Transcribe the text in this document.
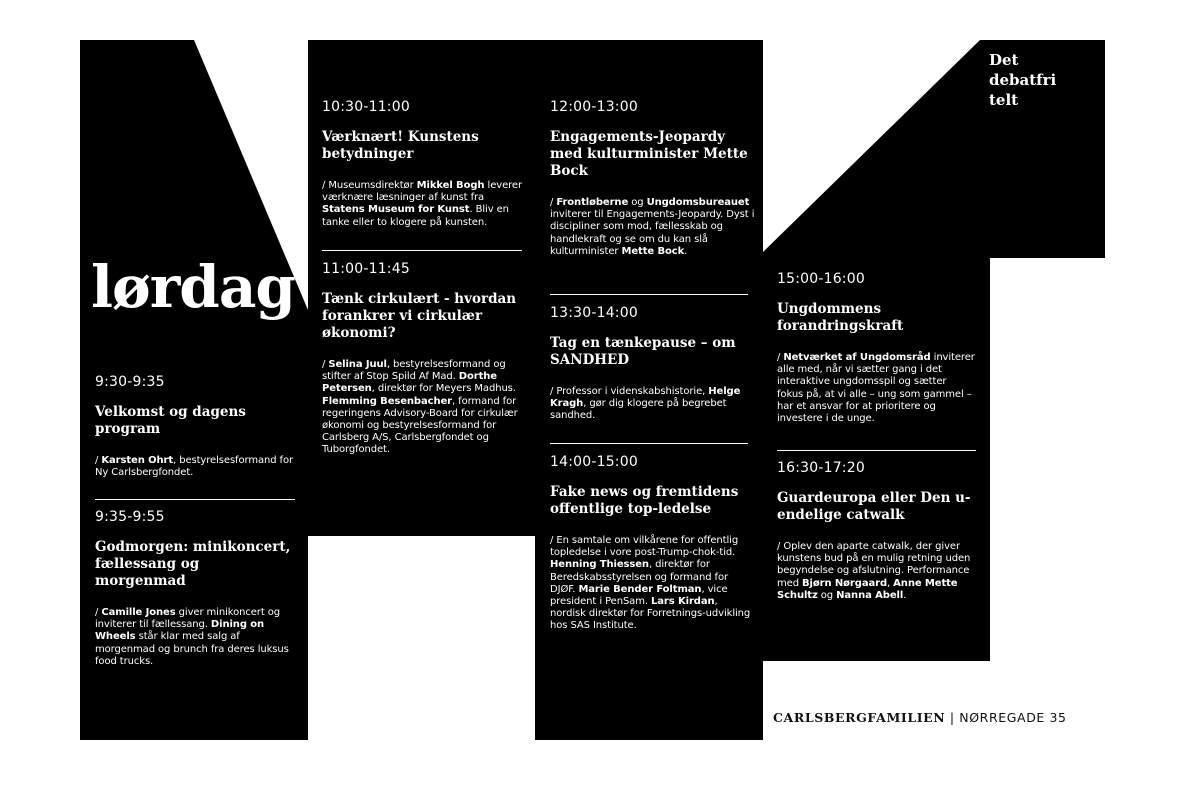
lørdag
Det debatfri telt

9:30-9:35

Velkomst og dagens program

/ Karsten Ohrt, bestyrelsesformand for Ny Carlsbergfondet.

9:35-9:55

Godmorgen: minikoncert, fællessang og morgenmad

/ Camille Jones giver minikoncert og inviterer til fællessang. Dining on Wheels står klar med salg af morgenmad og brunch fra deres luksus food trucks.

10:30-11:00

Værknært! Kunstens betydninger

/ Museumsdirektør Mikkel Bogh leverer værknære læsninger af kunst fra Statens Museum for Kunst. Bliv en tanke eller to klogere på kunsten.

11:00-11:45

Tænk cirkulært - hvordan forankrer vi cirkulær økonomi?

/ Selina Juul, bestyrelsesformand og stifter af Stop Spild Af Mad. Dorthe Petersen, direktør for Meyers Madhus. Flemming Besenbacher, formand for regeringens Advisory-Board for cirkulær økonomi og bestyrelsesformand for Carlsberg A/S, Carlsbergfondet og Tuborgfondet.

12:00-13:00

Engagements-Jeopardy med kulturminister Mette Bock

/ Frontløberne og Ungdomsbureauet inviterer til Engagements-Jeopardy. Dyst i discipliner som mod, fællesskab og handlekraft og se om du kan slå kulturminister Mette Bock.

13:30-14:00

Tag en tænkepause – om SANDHED

/ Professor i videnskabshistorie, Helge Kragh, gør dig klogere på begrebet sandhed.

14:00-15:00

Fake news og fremtidens offentlige top-ledelse

/ En samtale om vilkårene for offentlig topledelse i vore post-Trump-chok-tid. Henning Thiessen, direktør for Beredskabsstyrelsen og formand for DJØF. Marie Bender Foltman, vice president i PenSam. Lars Kirdan, nordisk direktør for Forretnings-udvikling hos SAS Institute.

15:00-16:00

Ungdommens forandringskraft

/ Netværket af Ungdomsråd inviterer alle med, når vi sætter gang i det interaktive ungdomsspil og sætter fokus på, at vi alle – ung som gammel – har et ansvar for at prioritere og investere i de unge.

16:30-17:20

Guardeuropa eller Den u-endelige catwalk

/ Oplev den aparte catwalk, der giver kunstens bud på en mulig retning uden begyndelse og afslutning. Performance med Bjørn Nørgaard, Anne Mette Schultz og Nanna Abell.

CARLSBERGFAMILIEN | NØRREGADE 35
